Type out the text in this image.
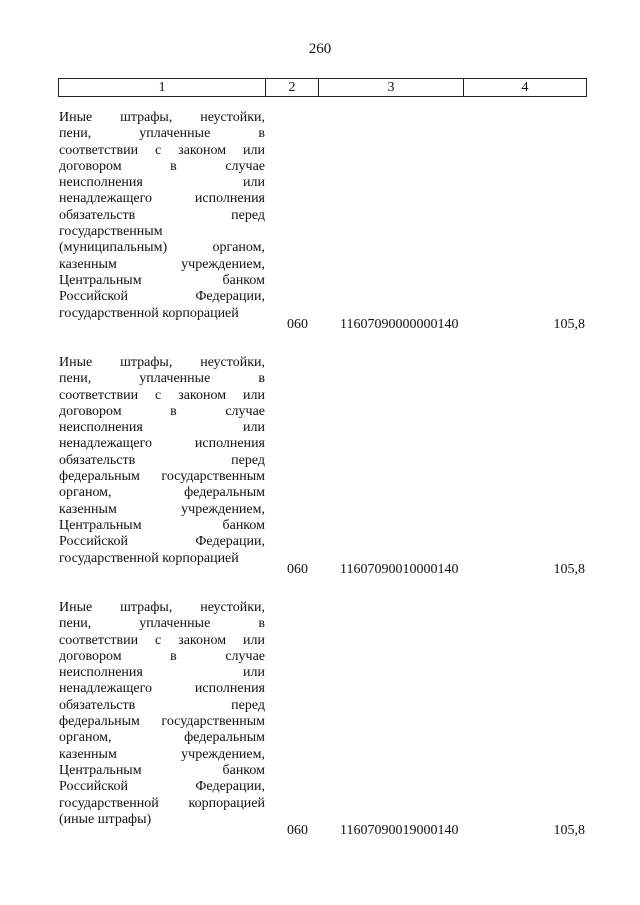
260
1	2	3	4
Иные штрафы, неустойки,
пени, уплаченные в
соответствии с законом или
договором в случае
неисполнения или
ненадлежащего исполнения
обязательств перед
государственным
(муниципальным) органом,
казенным учреждением,
Центральным банком
Российской Федерации,
государственной корпорацией
060 11607090000000140	105,8
Иные штрафы, неустойки,
пени, уплаченные в
соответствии с законом или
договором в случае
неисполнения или
ненадлежащего исполнения
обязательств перед
федеральным государственным
органом, федеральным
казенным учреждением,
Центральным банком
Российской Федерации,
государственной корпорацией
060 11607090010000140	105,8
Иные штрафы, неустойки,
пени, уплаченные в
соответствии с законом или
договором в случае
неисполнения или
ненадлежащего исполнения
обязательств перед
федеральным государственным
органом, федеральным
казенным учреждением,
Центральным банком
Российской Федерации,
государственной корпорацией
(иные штрафы)
060 11607090019000140	105,8
